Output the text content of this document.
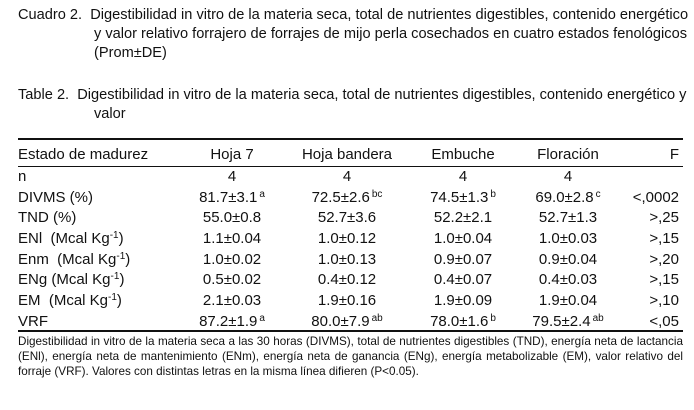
Cuadro 2. Digestibilidad in vitro de la materia seca, total de nutrientes digestibles, contenido energético
y valor relativo forrajero de forrajes de mijo perla cosechados en cuatro estados fenológicos
(Prom±DE)
Table 2. Digestibilidad in vitro de la materia seca, total de nutrientes digestibles, contenido energético y
valor
Estado de madurez	Hoja 7	Hoja bandera	Embuche	Floración	F
n	4	4	4	4	
DIVMS (%)	81.7±3.1 $^a$	72.5±2.6 $^{bc}$	74.5±1.3 $^b$	69.0±2.8 $^c$	<,0002
TND (%)	55.0±0.8	52.7±3.6	52.2±2.1	52.7±1.3	>,25
ENl  (Mcal $Kg^{-1}$)	1.1±0.04	1.0±0.12	1.0±0.04	1.0±0.03	>,15
Enm  (Mcal $Kg^{-1}$)	1.0±0.02	1.0±0.13	0.9±0.07	0.9±0.04	>,20
ENg (Mcal $Kg^{-1}$)	0.5±0.02	0.4±0.12	0.4±0.07	0.4±0.03	>,15
EM  (Mcal $Kg^{-1}$)	2.1±0.03	1.9±0.16	1.9±0.09	1.9±0.04	>,10
VRF	87.2±1.9 $^a$	80.0±7.9 $^{ab}$	78.0±1.6 $^b$	79.5±2.4 $^{ab}$	<,05
Digestibilidad in vitro de la materia seca a las 30 horas (DIVMS), total de nutrientes digestibles (TND), energía neta de lactancia (ENl), energía neta de mantenimiento (ENm), energía neta de ganancia (ENg), energía metabolizable (EM), valor relativo del forraje (VRF). Valores con distintas letras en la misma línea difieren (P<0.05).
